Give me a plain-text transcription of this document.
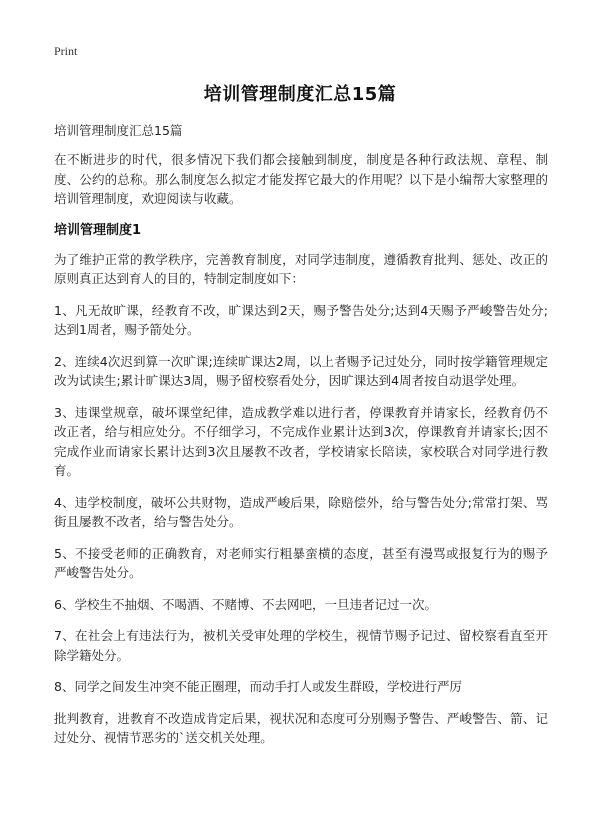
Print
培训管理制度汇总15篇
培训管理制度汇总15篇

在不断进步的时代，很多情况下我们都会接触到制度，制度是各种行政法规、章程、制度、公约的总称。那么制度怎么拟定才能发挥它最大的作用呢？以下是小编帮大家整理的培训管理制度，欢迎阅读与收藏。

培训管理制度1

为了维护正常的教学秩序，完善教育制度，对同学违制度，遵循教育批判、惩处、改正的原则真正达到育人的目的，特制定制度如下：

1、凡无故旷课，经教育不改，旷课达到2天，赐予警告处分;达到4天赐予严峻警告处分;达到1周者，赐予箭处分。

2、连续4次迟到算一次旷课;连续旷课达2周，以上者赐予记过处分，同时按学籍管理规定改为试读生;累计旷课达3周，赐予留校察看处分，因旷课达到4周者按自动退学处理。

3、违课堂规章，破坏课堂纪律，造成教学难以进行者，停课教育并请家长，经教育仍不改正者，给与相应处分。不仔细学习，不完成作业累计达到3次，停课教育并请家长;因不完成作业而请家长累计达到3次且屡教不改者，学校请家长陪读，家校联合对同学进行教育。

4、违学校制度，破坏公共财物，造成严峻后果，除赔偿外，给与警告处分;常常打架、骂街且屡教不改者，给与警告处分。

5、不接受老师的正确教育，对老师实行粗暴蛮横的态度，甚至有漫骂或报复行为的赐予严峻警告处分。

6、学校生不抽烟、不喝酒、不赌博、不去网吧，一旦违者记过一次。

7、在社会上有违法行为，被机关受审处理的学校生，视情节赐予记过、留校察看直至开除学籍处分。

8、同学之间发生冲突不能正圈理，而动手打人或发生群殴，学校进行严厉

批判教育，进教育不改造成肯定后果，视状况和态度可分别赐予警告、严峻警告、箭、记过处分、视情节恶劣的`送交机关处理。
